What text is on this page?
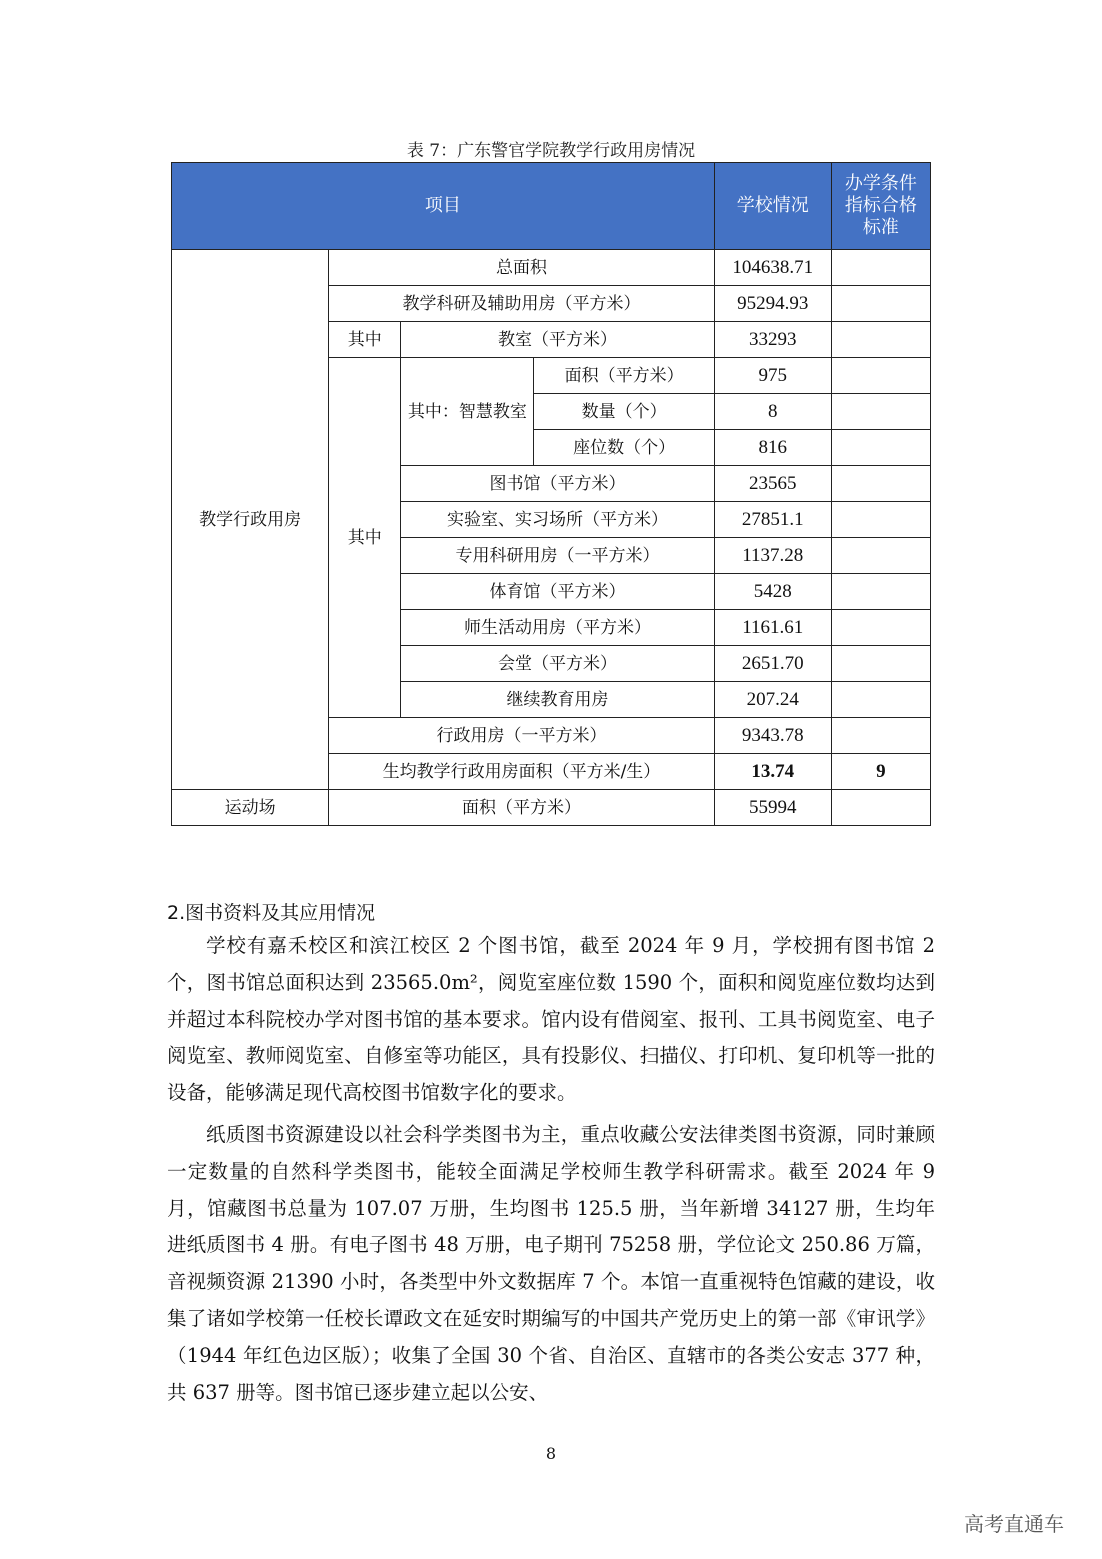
表 7：广东警官学院教学行政用房情况
项目				学校情况	办学条件指标合格标准
教学行政用房	总面积			104638.71	
	教学科研及辅助用房（平方米）			95294.93	
	其中	教室（平方米）		33293	
	其中	其中：智慧教室	面积（平方米）	975	
			数量（个）	8	
			座位数（个）	816	
		图书馆（平方米）		23565	
		实验室、实习场所（平方米）		27851.1	
		专用科研用房（一平方米）		1137.28	
		体育馆（平方米）		5428	
		师生活动用房（平方米）		1161.61	
		会堂（平方米）		2651.70	
		继续教育用房		207.24	
	行政用房（一平方米）			9343.78	
	生均教学行政用房面积（平方米/生）			13.74	9
运动场	面积（平方米）			55994	
2.图书资料及其应用情况

学校有嘉禾校区和滨江校区 2 个图书馆，截至 2024 年 9 月，学校拥有图书馆 2 个，图书馆总面积达到 23565.0m²，阅览室座位数 1590 个，面积和阅览座位数均达到并超过本科院校办学对图书馆的基本要求。馆内设有借阅室、报刊、工具书阅览室、电子阅览室、教师阅览室、自修室等功能区，具有投影仪、扫描仪、打印机、复印机等一批的设备，能够满足现代高校图书馆数字化的要求。

纸质图书资源建设以社会科学类图书为主，重点收藏公安法律类图书资源，同时兼顾一定数量的自然科学类图书，能较全面满足学校师生教学科研需求。截至 2024 年 9 月，馆藏图书总量为 107.07 万册，生均图书 125.5 册，当年新增 34127 册，生均年进纸质图书 4 册。有电子图书 48 万册，电子期刊 75258 册，学位论文 250.86 万篇，音视频资源 21390 小时，各类型中外文数据库 7 个。本馆一直重视特色馆藏的建设，收集了诸如学校第一任校长谭政文在延安时期编写的中国共产党历史上的第一部《审讯学》（1944 年红色边区版）；收集了全国 30 个省、自治区、直辖市的各类公安志 377 种，共 637 册等。图书馆已逐步建立起以公安、

8
高考直通车
